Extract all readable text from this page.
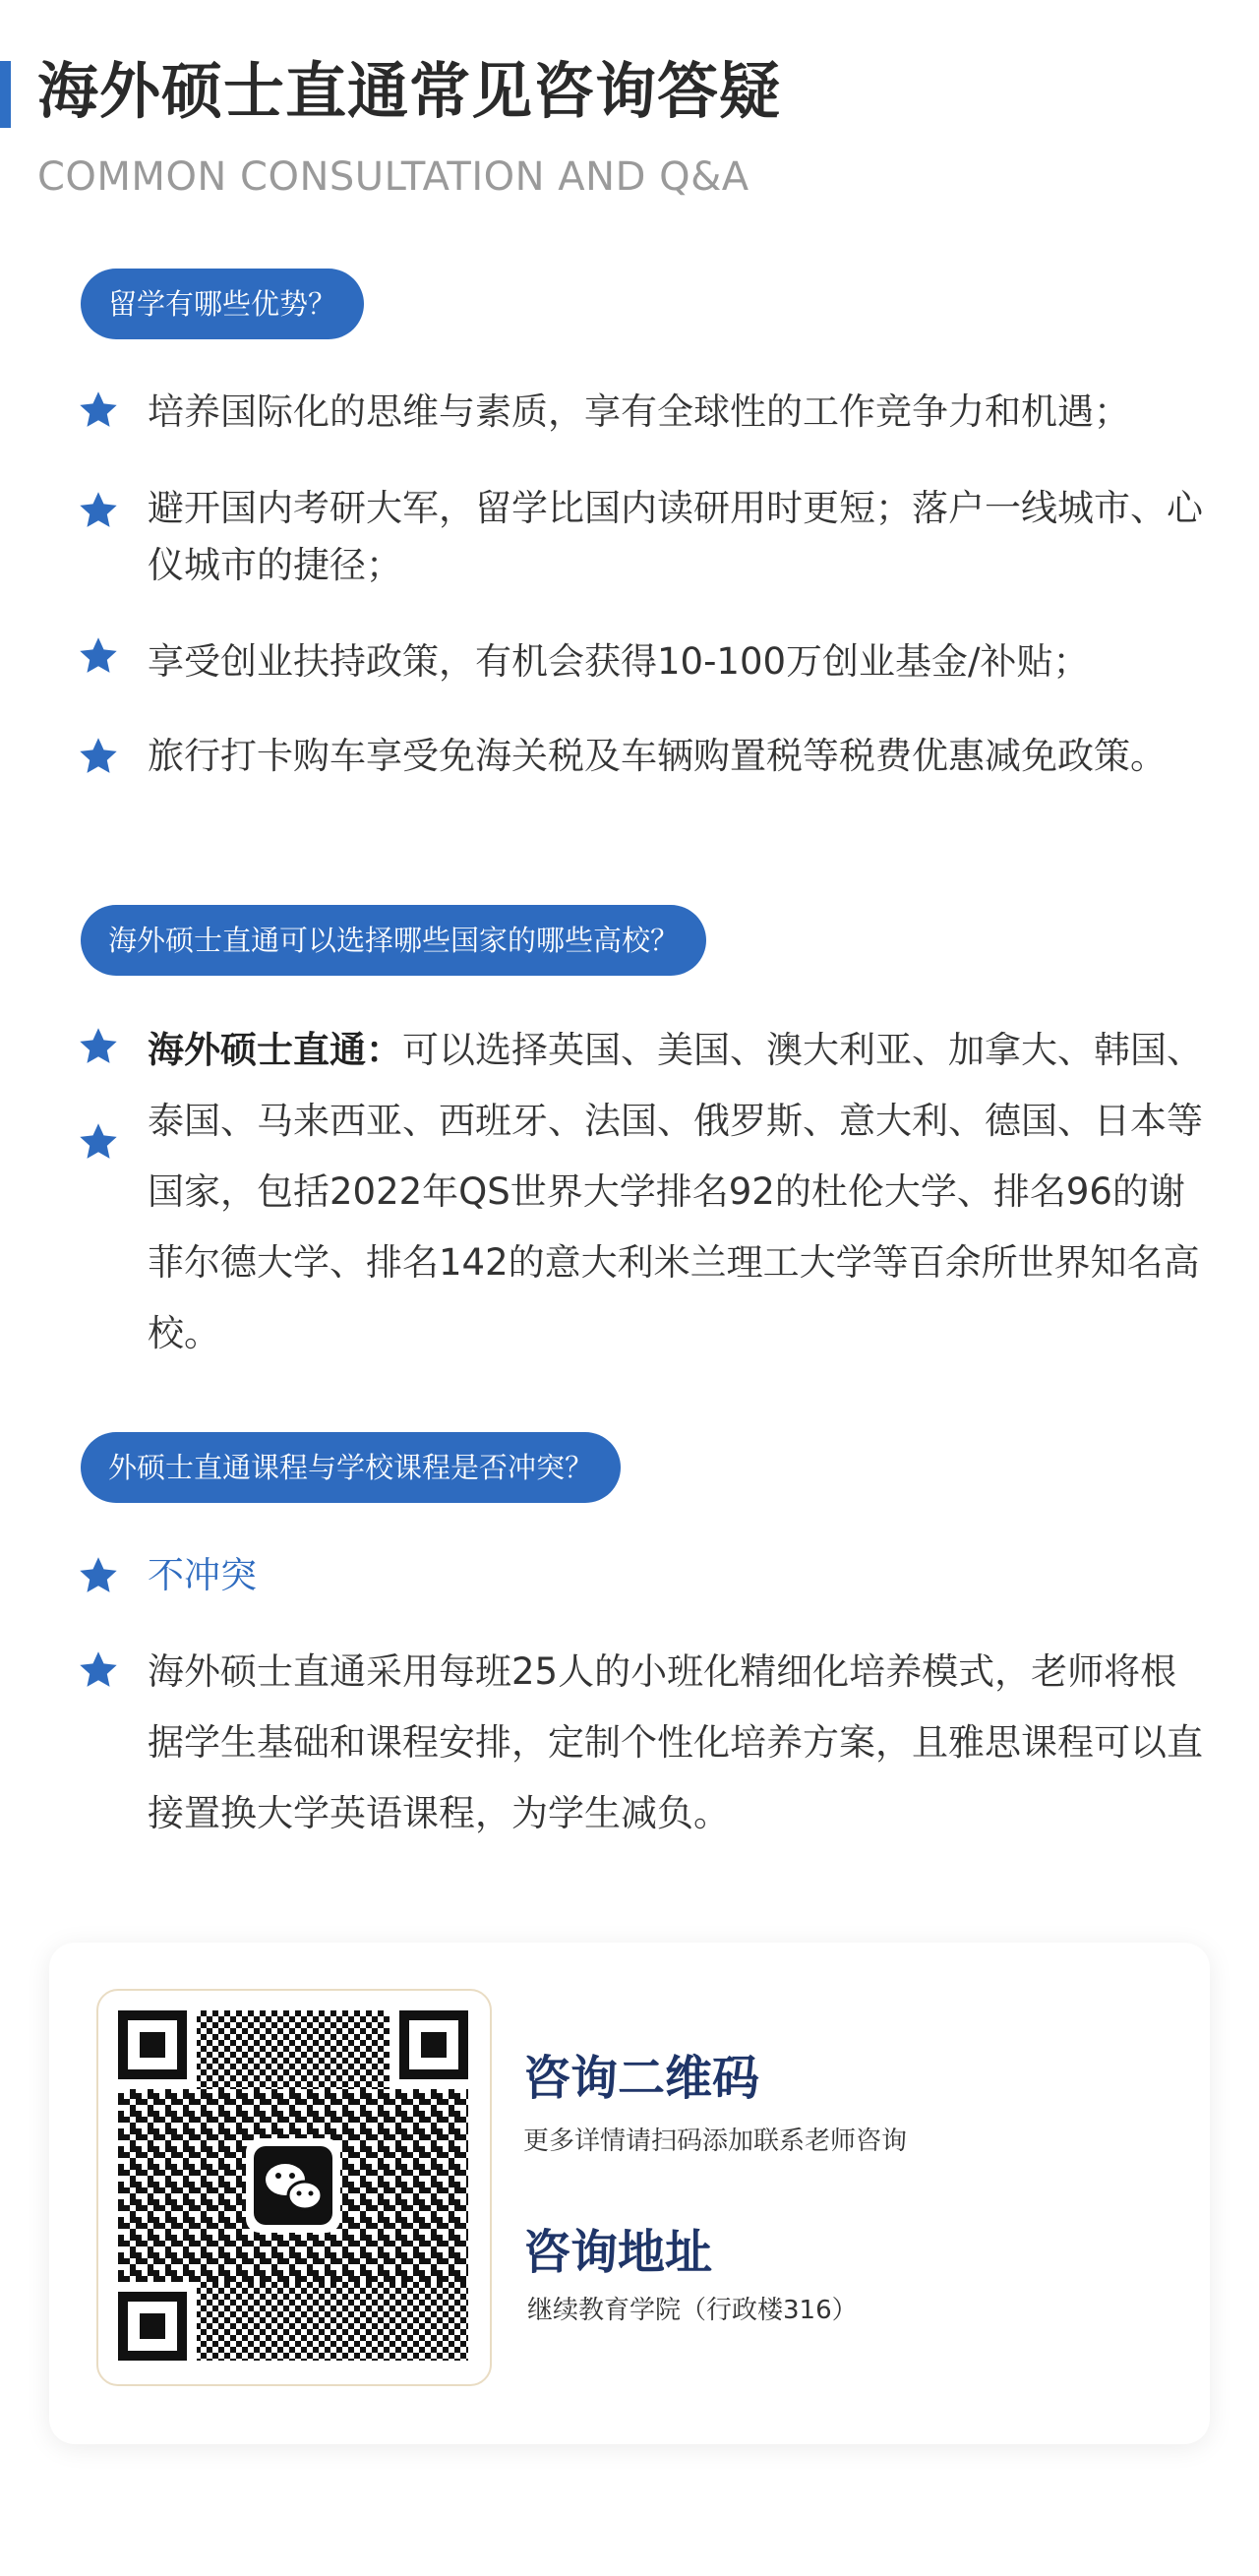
海外硕士直通常见咨询答疑
COMMON CONSULTATION AND Q&A
留学有哪些优势？
培养国际化的思维与素质，享有全球性的工作竞争力和机遇；
避开国内考研大军，留学比国内读研用时更短；落户一线城市、心仪城市的捷径；
享受创业扶持政策，有机会获得10-100万创业基金/补贴；
旅行打卡购车享受免海关税及车辆购置税等税费优惠减免政策。
海外硕士直通可以选择哪些国家的哪些高校？
海外硕士直通：可以选择英国、美国、澳大利亚、加拿大、韩国、泰国、马来西亚、西班牙、法国、俄罗斯、意大利、德国、日本等国家，包括2022年QS世界大学排名92的杜伦大学、排名96的谢菲尔德大学、排名142的意大利米兰理工大学等百余所世界知名高校。
外硕士直通课程与学校课程是否冲突？
不冲突
海外硕士直通采用每班25人的小班化精细化培养模式，老师将根据学生基础和课程安排，定制个性化培养方案，且雅思课程可以直接置换大学英语课程，为学生减负。
咨询二维码
更多详情请扫码添加联系老师咨询
咨询地址
继续教育学院（行政楼316）
